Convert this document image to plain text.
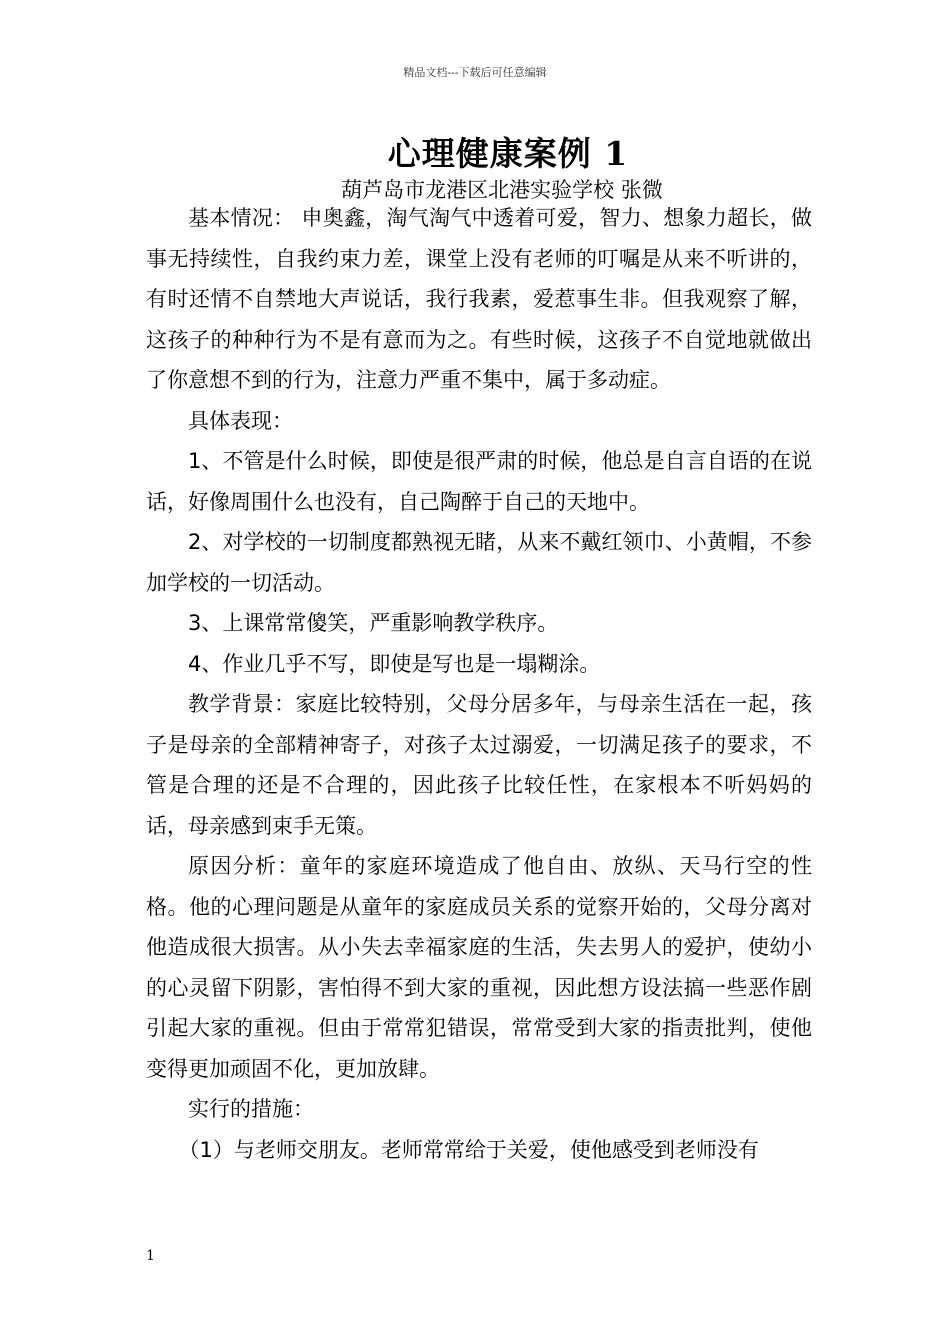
精品文档---下载后可任意编辑
心理健康案例 1
葫芦岛市龙港区北港实验学校 张微

基本情况： 申奥鑫，淘气淘气中透着可爱，智力、想象力超长，做事无持续性，自我约束力差，课堂上没有老师的叮嘱是从来不听讲的，有时还情不自禁地大声说话，我行我素，爱惹事生非。但我观察了解，这孩子的种种行为不是有意而为之。有些时候，这孩子不自觉地就做出了你意想不到的行为，注意力严重不集中，属于多动症。

具体表现：

1、不管是什么时候，即使是很严肃的时候，他总是自言自语的在说话，好像周围什么也没有，自己陶醉于自己的天地中。

2、对学校的一切制度都熟视无睹，从来不戴红领巾、小黄帽，不参加学校的一切活动。

3、上课常常傻笑，严重影响教学秩序。

4、作业几乎不写，即使是写也是一塌糊涂。

教学背景：家庭比较特别，父母分居多年，与母亲生活在一起，孩子是母亲的全部精神寄子，对孩子太过溺爱，一切满足孩子的要求，不管是合理的还是不合理的，因此孩子比较任性，在家根本不听妈妈的话，母亲感到束手无策。

原因分析：童年的家庭环境造成了他自由、放纵、天马行空的性格。他的心理问题是从童年的家庭成员关系的觉察开始的，父母分离对他造成很大损害。从小失去幸福家庭的生活，失去男人的爱护，使幼小的心灵留下阴影，害怕得不到大家的重视，因此想方设法搞一些恶作剧引起大家的重视。但由于常常犯错误，常常受到大家的指责批判，使他变得更加顽固不化，更加放肆。

实行的措施：

（1）与老师交朋友。老师常常给于关爱，使他感受到老师没有

1
